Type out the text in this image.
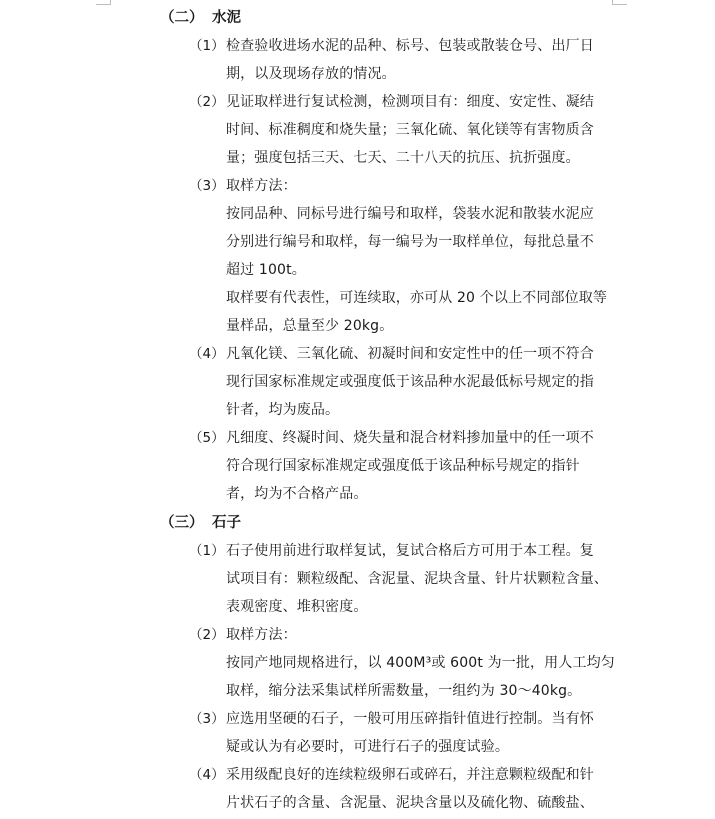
（二） 水泥
（1） 检查验收进场水泥的品种、标号、包装或散装仓号、出厂日
期，以及现场存放的情况。
（2） 见证取样进行复试检测，检测项目有：细度、安定性、凝结
时间、标准稠度和烧失量；三氧化硫、氧化镁等有害物质含
量；强度包括三天、七天、二十八天的抗压、抗折强度。
（3） 取样方法：
按同品种、同标号进行编号和取样，袋装水泥和散装水泥应
分别进行编号和取样，每一编号为一取样单位，每批总量不
超过 100t。
取样要有代表性，可连续取，亦可从 20 个以上不同部位取等
量样品，总量至少 20kg。
（4） 凡氧化镁、三氧化硫、初凝时间和安定性中的任一项不符合
现行国家标准规定或强度低于该品种水泥最低标号规定的指
针者，均为废品。
（5） 凡细度、终凝时间、烧失量和混合材料掺加量中的任一项不
符合现行国家标准规定或强度低于该品种标号规定的指针
者，均为不合格产品。
（三） 石子
（1） 石子使用前进行取样复试，复试合格后方可用于本工程。复
试项目有：颗粒级配、含泥量、泥块含量、针片状颗粒含量、
表观密度、堆积密度。
（2） 取样方法：
按同产地同规格进行，以 400M³或 600t 为一批，用人工均匀
取样，缩分法采集试样所需数量，一组约为 30～40kg。
（3） 应选用坚硬的石子，一般可用压碎指针值进行控制。当有怀
疑或认为有必要时，可进行石子的强度试验。
（4） 采用级配良好的连续粒级卵石或碎石，并注意颗粒级配和针
片状石子的含量、含泥量、泥块含量以及硫化物、硫酸盐、
